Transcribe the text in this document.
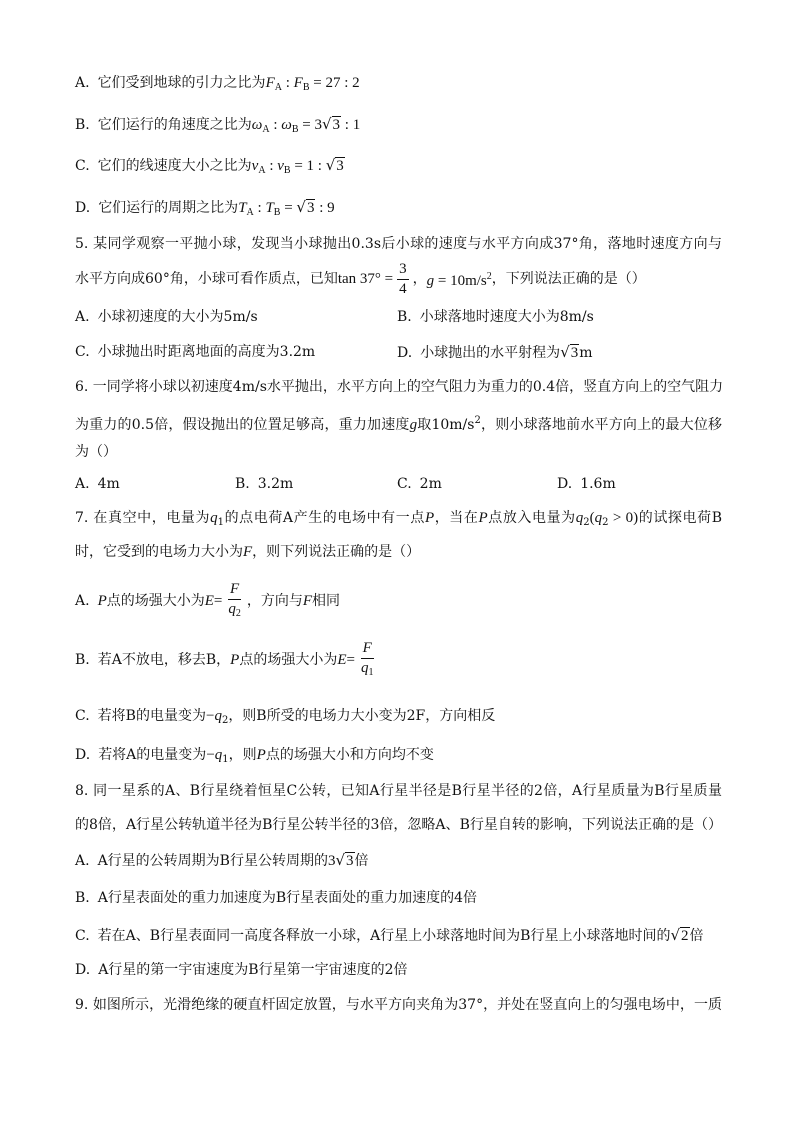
A. 它们受到地球的引力之比为$F_A$ : $F_B = 27$ : 2
B. 它们运行的角速度之比为$\omega_A$ : $\omega_B = 3√3$ : 1
C. 它们的线速度大小之比为$v_A$ : $v_B = 1$ : √3
D. 它们运行的周期之比为$T_A$ : $T_B = √3$ : 9
5. 某同学观察一平抛小球，发现当小球抛出0.3s后小球的速度与水平方向成37°角，落地时速度方向与
水平方向成60°角，小球可看作质点，已知 $\tan 37^\circ = \frac{3}{4}$ ， $g = 10m/s^2$ ，下列说法正确的是（）
A. 小球初速度的大小为5m/s	B. 小球落地时速度大小为8m/s
C. 小球抛出时距离地面的高度为3.2m	D. 小球抛出的水平射程为√3m
6. 一同学将小球以初速度4m/s水平抛出，水平方向上的空气阻力为重力的0.4倍，竖直方向上的空气阻力
为重力的0.5倍，假设抛出的位置足够高，重力加速度g取$10m/s^2$，则小球落地前水平方向上的最大位移
为（）
A. 4m	B. 3.2m	C. 2m	D. 1.6m
7. 在真空中，电量为$q_1$的点电荷A产生的电场中有一点P，当在P点放入电量为$q_2(q_2 > 0)$的试探电荷B
时，它受到的电场力大小为F，则下列说法正确的是（）
A. P 点的场强大小为 $E = \frac{F}{q_2}$ ，方向与 F 相同
B. 若A不放电，移去B， P 点的场强大小为 $E = \frac{F}{q_1}$
C. 若将B的电量变为$-q_2$，则B所受的电场力大小变为2F，方向相反
D. 若将A的电量变为$-q_1$，则P点的场强大小和方向均不变
8. 同一星系的A、B行星绕着恒星C公转，已知A行星半径是B行星半径的2倍，A行星质量为B行星质量
的8倍，A行星公转轨道半径为B行星公转半径的3倍，忽略A、B行星自转的影响，下列说法正确的是（）
A. A行星的公转周期为B行星公转周期的3√3倍
B. A行星表面处的重力加速度为B行星表面处的重力加速度的4倍
C. 若在A、B行星表面同一高度各释放一小球，A行星上小球落地时间为B行星上小球落地时间的√2倍
D. A行星的第一宇宙速度为B行星第一宇宙速度的2倍
9. 如图所示，光滑绝缘的硬直杆固定放置，与水平方向夹角为37°，并处在竖直向上的匀强电场中，一质
